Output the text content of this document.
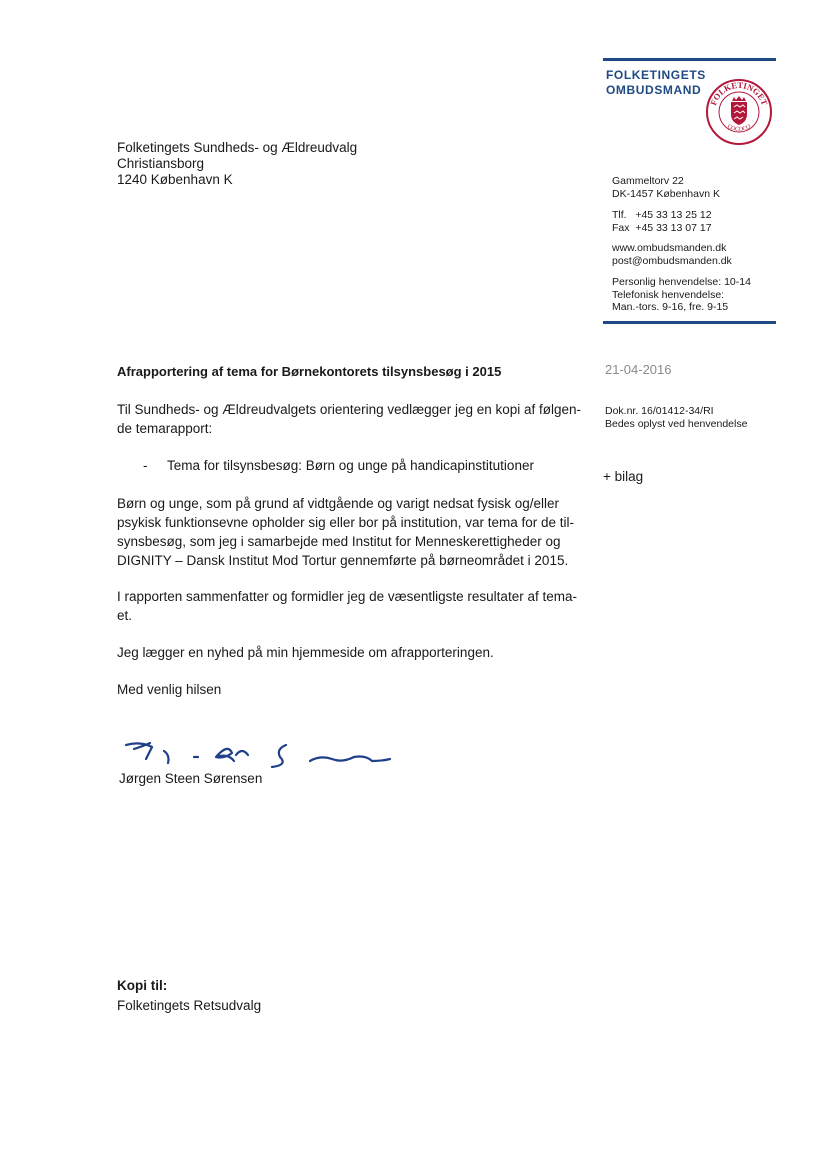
FOLKETINGETS
OMBUDSMAND
FOLKETINGET
COCOCO
Folketingets Sundheds- og Ældreudvalg
Christiansborg
1240 København K	Gammeltorv 22
DK-1457 København K
Tlf.   +45 33 13 25 12
Fax  +45 33 13 07 17
www.ombudsmanden.dk
post@ombudsmanden.dk
Personlig henvendelse: 10-14
Telefonisk henvendelse:
Man.-tors. 9-16, fre. 9-15
Afrapportering af tema for Børnekontorets tilsynsbesøg i 2015	21-04-2016
Dok.nr. 16/01412-34/RI
Bedes oplyst ved henvendelse
+ bilag
Til Sundheds- og Ældreudvalgets orientering vedlægger jeg en kopi af følgen-
de temarapport:
- Tema for tilsynsbesøg: Børn og unge på handicapinstitutioner
Børn og unge, som på grund af vidtgående og varigt nedsat fysisk og/eller
psykisk funktionsevne opholder sig eller bor på institution, var tema for de til-
synsbesøg, som jeg i samarbejde med Institut for Menneskerettigheder og
DIGNITY – Dansk Institut Mod Tortur gennemførte på børneområdet i 2015.
I rapporten sammenfatter og formidler jeg de væsentligste resultater af tema-
et.
Jeg lægger en nyhed på min hjemmeside om afrapporteringen.
Med venlig hilsen
Jørgen Steen Sørensen
Kopi til:
Folketingets Retsudvalg
